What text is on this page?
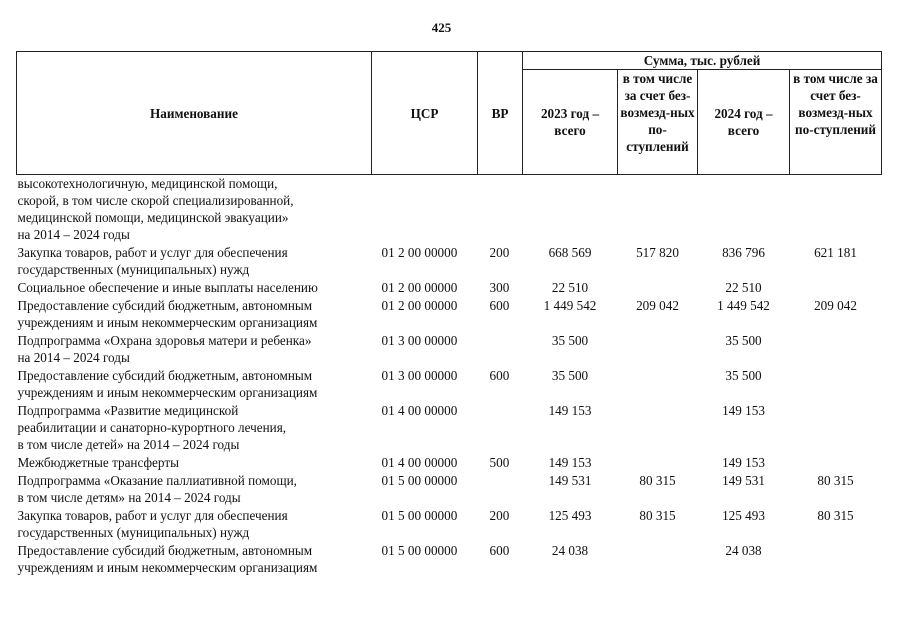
425
Наименование	ЦСР	ВР	Сумма, тыс. рублей			
			2023 год – всего	в том числе за счет без-возмезд-ных по-ступлений	2024 год – всего	в том числе за счет без-возмезд-ных по-ступлений

высокотехнологичную, медицинской помощи,
скорой, в том числе скорой специализированной,
медицинской помощи, медицинской эвакуации»
на 2014 – 2024 годы						

Закупка товаров, работ и услуг для обеспечения
государственных (муниципальных) нужд	01 2 00 00000	200	668 569	517 820	836 796	621 181

Социальное обеспечение и иные выплаты населению	01 2 00 00000	300	22 510		22 510	

Предоставление субсидий бюджетным, автономным
учреждениям и иным некоммерческим организациям	01 2 00 00000	600	1 449 542	209 042	1 449 542	209 042

Подпрограмма «Охрана здоровья матери и ребенка»
на 2014 – 2024 годы	01 3 00 00000		35 500		35 500	

Предоставление субсидий бюджетным, автономным
учреждениям и иным некоммерческим организациям	01 3 00 00000	600	35 500		35 500	

Подпрограмма «Развитие медицинской
реабилитации и санаторно-курортного лечения,
в том числе детей» на 2014 – 2024 годы	01 4 00 00000		149 153		149 153	

Межбюджетные трансферты	01 4 00 00000	500	149 153		149 153	

Подпрограмма «Оказание паллиативной помощи,
в том числе детям» на 2014 – 2024 годы	01 5 00 00000		149 531	80 315	149 531	80 315

Закупка товаров, работ и услуг для обеспечения
государственных (муниципальных) нужд	01 5 00 00000	200	125 493	80 315	125 493	80 315

Предоставление субсидий бюджетным, автономным
учреждениям и иным некоммерческим организациям	01 5 00 00000	600	24 038		24 038	
